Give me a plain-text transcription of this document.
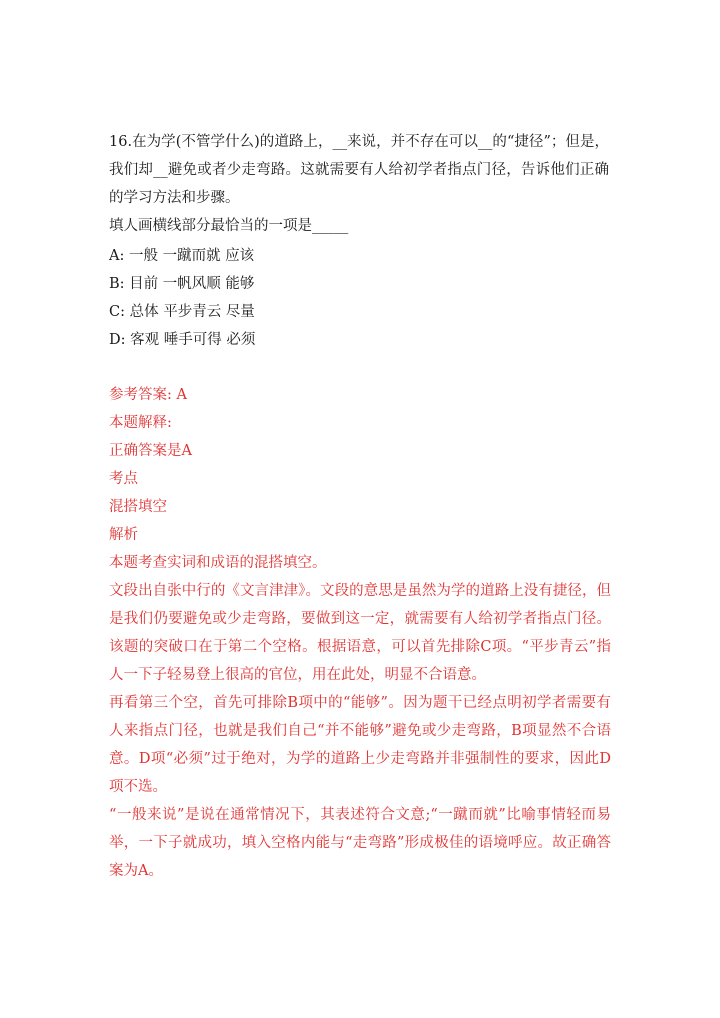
16.在为学(不管学什么)的道路上，__来说，并不存在可以__的“捷径”；但是，我们却__避免或者少走弯路。这就需要有人给初学者指点门径，告诉他们正确的学习方法和步骤。

填人画横线部分最恰当的一项是_____

A: 一般 一蹴而就 应该
B: 目前 一帆风顺 能够
C: 总体 平步青云 尽量
D: 客观 唾手可得 必须

参考答案: A

本题解释:

正确答案是A

考点

混搭填空

解析

本题考查实词和成语的混搭填空。

文段出自张中行的《文言津津》。文段的意思是虽然为学的道路上没有捷径，但是我们仍要避免或少走弯路，要做到这一定，就需要有人给初学者指点门径。该题的突破口在于第二个空格。根据语意，可以首先排除C项。“平步青云”指人一下子轻易登上很高的官位，用在此处，明显不合语意。

再看第三个空，首先可排除B项中的“能够”。因为题干已经点明初学者需要有人来指点门径，也就是我们自己“并不能够”避免或少走弯路，B项显然不合语意。D项“必须”过于绝对，为学的道路上少走弯路并非强制性的要求，因此D项不选。

“一般来说”是说在通常情况下，其表述符合文意;“一蹴而就”比喻事情轻而易举，一下子就成功，填入空格内能与“走弯路”形成极佳的语境呼应。故正确答案为A。
